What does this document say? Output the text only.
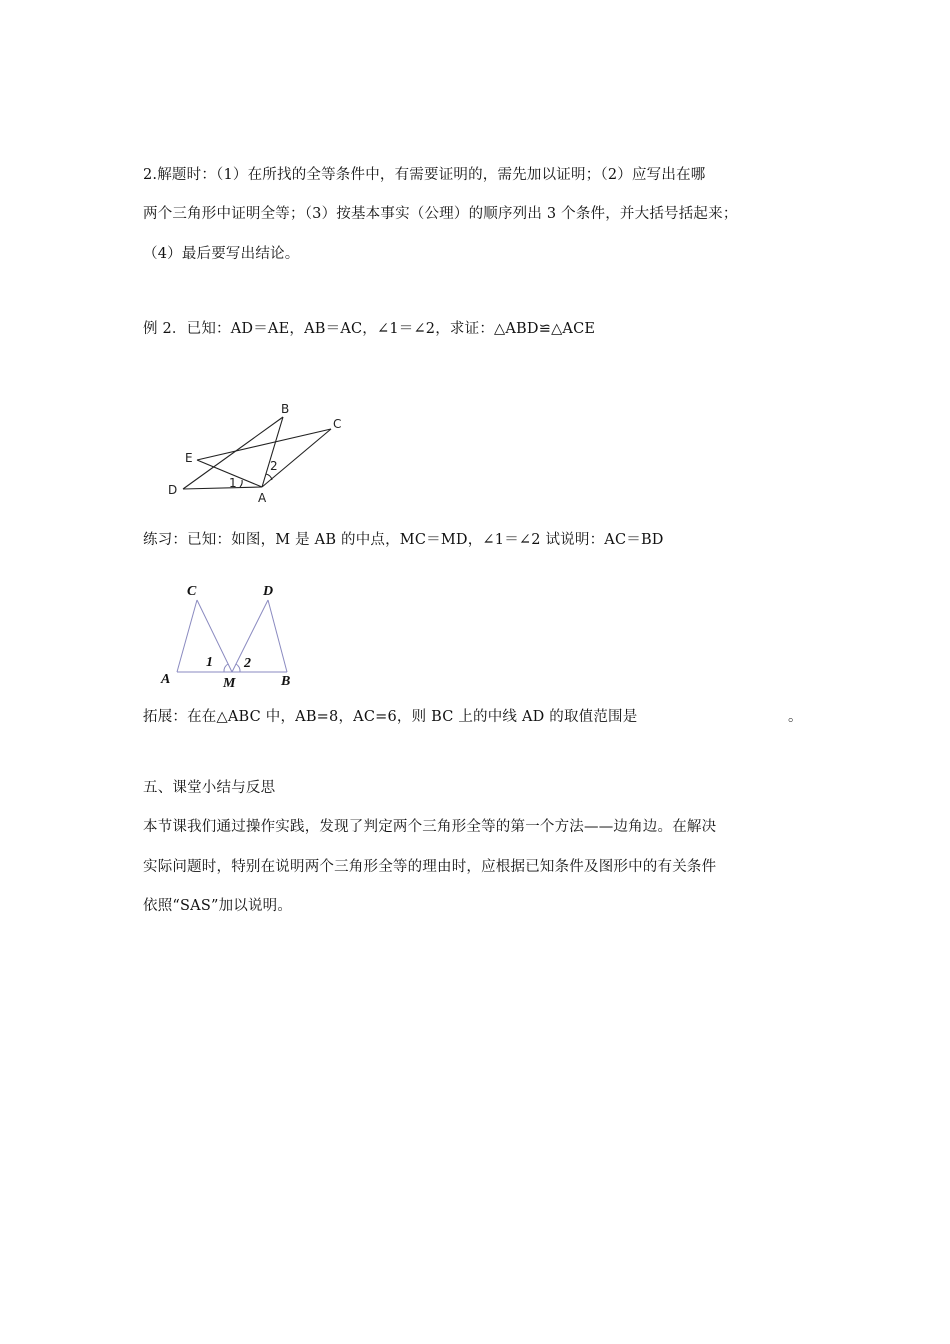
2.解题时：（1）在所找的全等条件中，有需要证明的，需先加以证明；（2）应写出在哪
两个三角形中证明全等；（3）按基本事实（公理）的顺序列出 3 个条件，并大括号括起来；
（4）最后要写出结论。
例 2．已知：AD＝AE，AB＝AC，∠1＝∠2，求证：△ABD≌△ACE
B
C
E
D
A
1
2
练习：已知：如图，M 是 AB 的中点，MC＝MD，∠1＝∠2 试说明：AC＝BD
C	D
A	M	B
1 2
拓展：在在△ABC 中，AB=8，AC=6，则 BC 上的中线 AD 的取值范围是	。
五、课堂小结与反思
本节课我们通过操作实践，发现了判定两个三角形全等的第一个方法——边角边。在解决
实际问题时，特别在说明两个三角形全等的理由时，应根据已知条件及图形中的有关条件
依照“SAS”加以说明。
